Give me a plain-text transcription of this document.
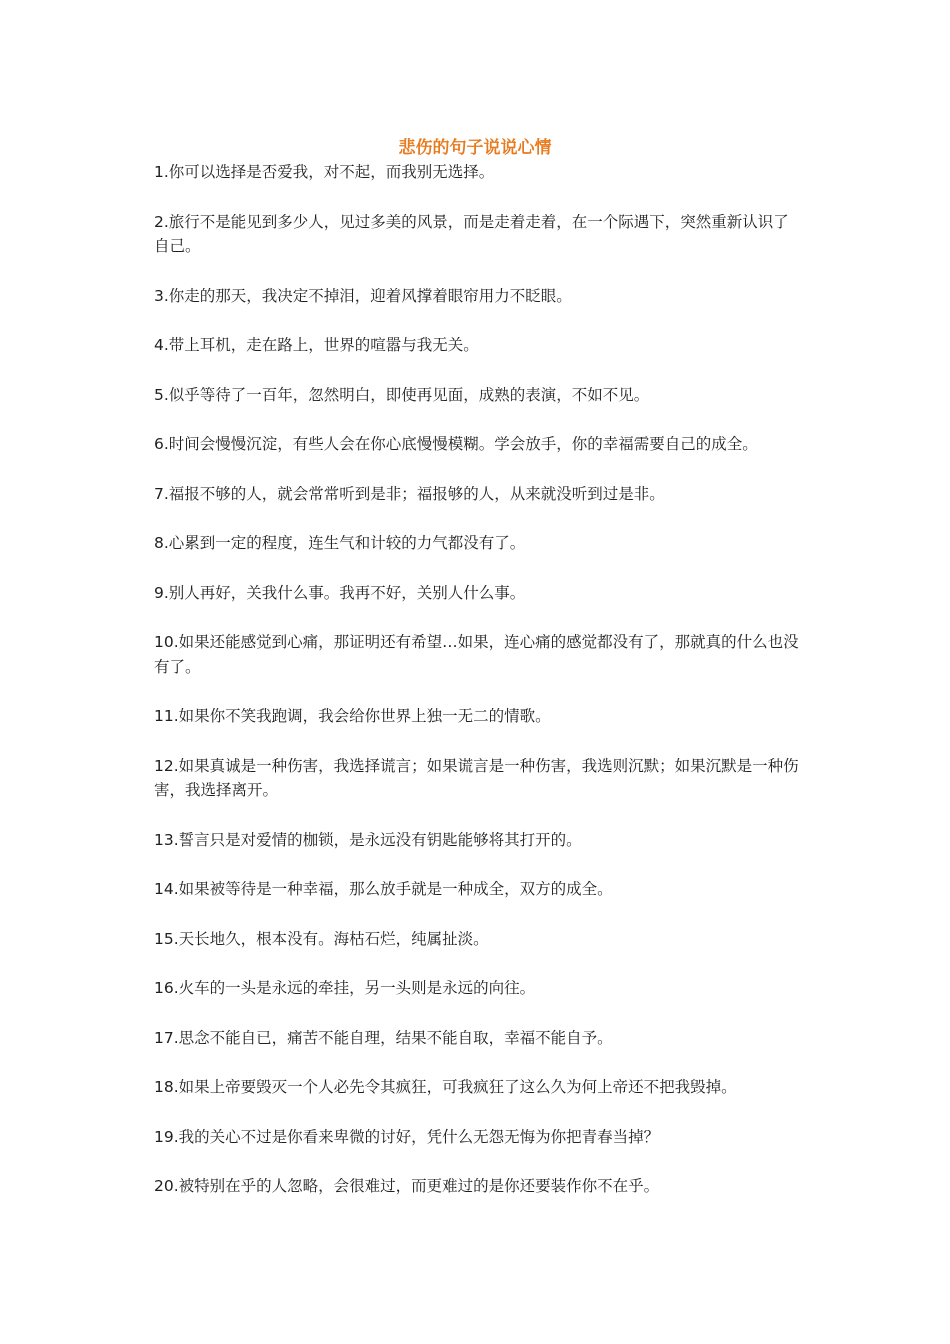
悲伤的句子说说心情

1.你可以选择是否爱我，对不起，而我别无选择。

2.旅行不是能见到多少人，见过多美的风景，而是走着走着，在一个际遇下，突然重新认识了自己。

3.你走的那天，我决定不掉泪，迎着风撑着眼帘用力不眨眼。

4.带上耳机，走在路上，世界的喧嚣与我无关。

5.似乎等待了一百年，忽然明白，即使再见面，成熟的表演，不如不见。

6.时间会慢慢沉淀，有些人会在你心底慢慢模糊。学会放手，你的幸福需要自己的成全。

7.福报不够的人，就会常常听到是非；福报够的人，从来就没听到过是非。

8.心累到一定的程度，连生气和计较的力气都没有了。

9.别人再好，关我什么事。我再不好，关别人什么事。

10.如果还能感觉到心痛，那证明还有希望…如果，连心痛的感觉都没有了，那就真的什么也没有了。

11.如果你不笑我跑调，我会给你世界上独一无二的情歌。

12.如果真诚是一种伤害，我选择谎言；如果谎言是一种伤害，我选则沉默；如果沉默是一种伤害，我选择离开。

13.誓言只是对爱情的枷锁，是永远没有钥匙能够将其打开的。

14.如果被等待是一种幸福，那么放手就是一种成全，双方的成全。

15.天长地久，根本没有。海枯石烂，纯属扯淡。

16.火车的一头是永远的牵挂，另一头则是永远的向往。

17.思念不能自已，痛苦不能自理，结果不能自取，幸福不能自予。

18.如果上帝要毁灭一个人必先令其疯狂，可我疯狂了这么久为何上帝还不把我毁掉。

19.我的关心不过是你看来卑微的讨好，凭什么无怨无悔为你把青春当掉？

20.被特别在乎的人忽略，会很难过，而更难过的是你还要装作你不在乎。
